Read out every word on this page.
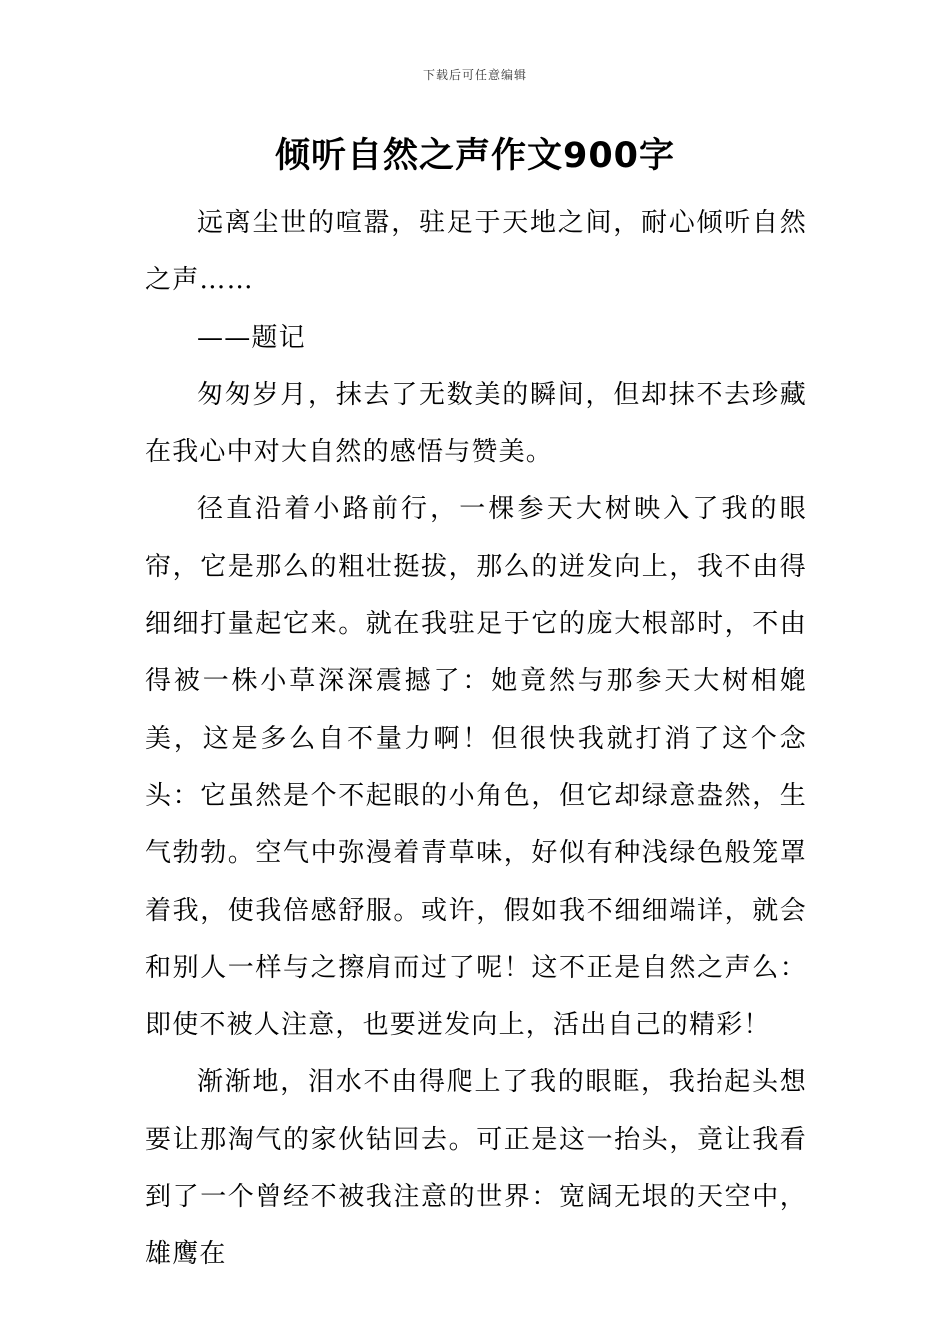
下载后可任意编辑
倾听自然之声作文900字

远离尘世的喧嚣，驻足于天地之间，耐心倾听自然之声……

——题记

匆匆岁月，抹去了无数美的瞬间，但却抹不去珍藏在我心中对大自然的感悟与赞美。

径直沿着小路前行，一棵参天大树映入了我的眼帘，它是那么的粗壮挺拔，那么的迸发向上，我不由得细细打量起它来。就在我驻足于它的庞大根部时，不由得被一株小草深深震撼了：她竟然与那参天大树相媲美，这是多么自不量力啊！但很快我就打消了这个念头：它虽然是个不起眼的小角色，但它却绿意盎然，生气勃勃。空气中弥漫着青草味，好似有种浅绿色般笼罩着我，使我倍感舒服。或许，假如我不细细端详，就会和别人一样与之擦肩而过了呢！这不正是自然之声么：即使不被人注意，也要迸发向上，活出自己的精彩！

渐渐地，泪水不由得爬上了我的眼眶，我抬起头想要让那淘气的家伙钻回去。可正是这一抬头，竟让我看到了一个曾经不被我注意的世界：宽阔无垠的天空中，雄鹰在
